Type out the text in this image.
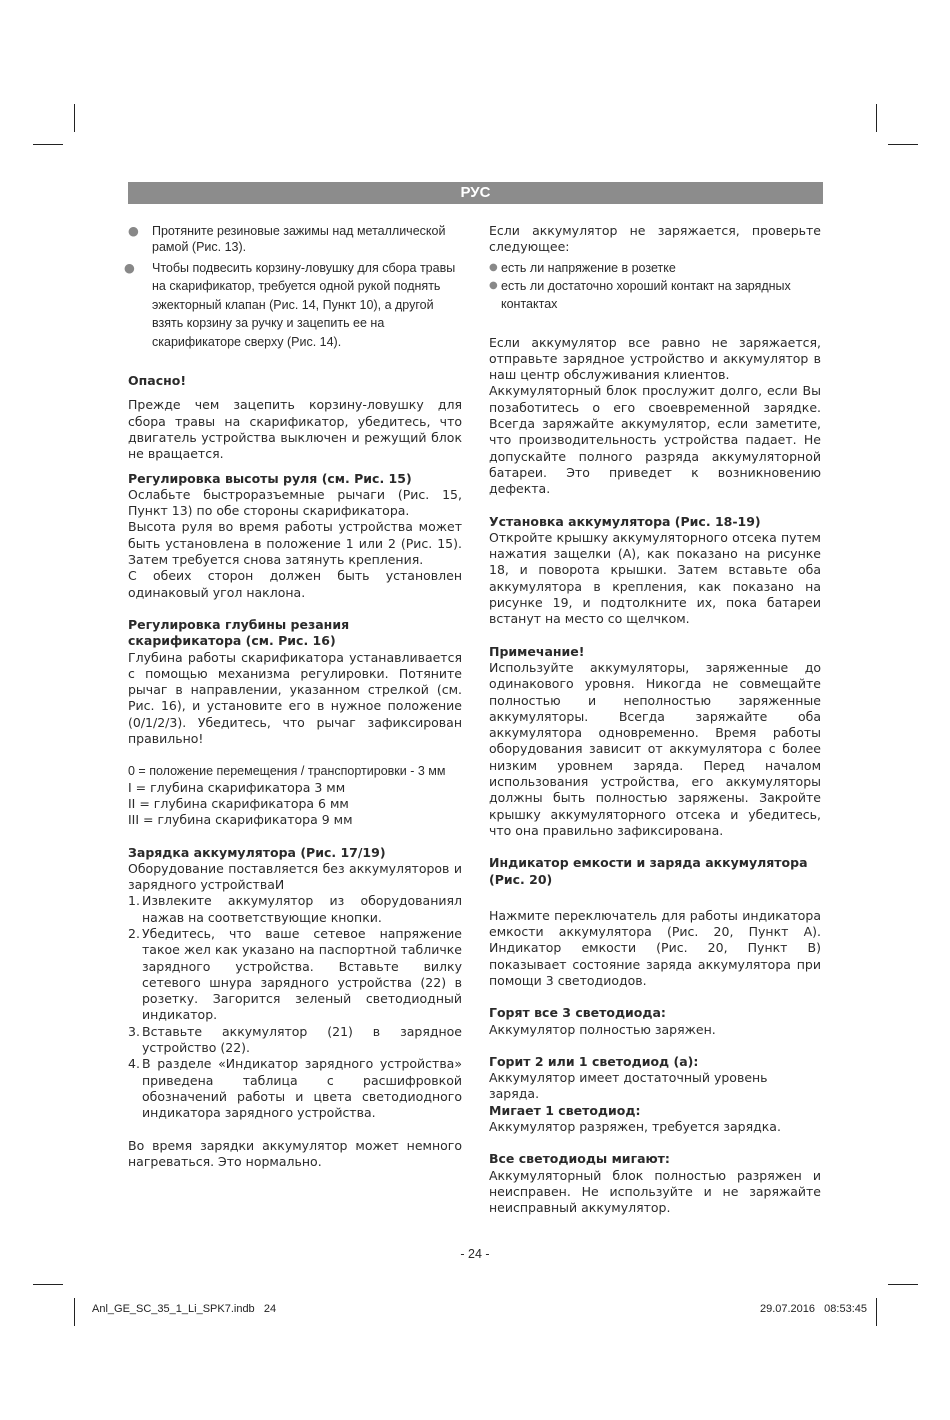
РУС
● Протяните резиновые зажимы над металлической рамой (Рис. 13).

● Чтобы подвесить корзину-ловушку для сбора травы на скарификатор, требуется одной рукой поднять эжекторный клапан (Рис. 14, Пункт 10), а другой взять корзину за ручку и зацепить ее на скарификаторе сверху (Рис. 14).

Опасно!

Прежде чем зацепить корзину-ловушку для сбора травы на скарификатор, убедитесь, что двигатель устройства выключен и режущий блок не вращается.

Регулировка высоты руля (см. Рис. 15)

Ослабьте быстроразъемные рычаги (Рис. 15, Пункт 13) по обе стороны скарификатора.

Высота руля во время работы устройства может быть установлена в положение 1 или 2 (Рис. 15). Затем требуется снова затянуть крепления.

С обеих сторон должен быть установлен одинаковый угол наклона.

Регулировка глубины резания скарификатора (см. Рис. 16)

Глубина работы скарификатора устанавливается с помощью механизма регулировки. Потяните рычаг в направлении, указанном стрелкой (см. Рис. 16), и установите его в нужное положение (0/1/2/3). Убедитесь, что рычаг зафиксирован правильно!

0 = положение перемещения / транспортировки - 3 мм

I = глубина скарификатора 3 мм

II = глубина скарификатора 6 мм

III = глубина скарификатора 9 мм

Зарядка аккумулятора (Рис. 17/19)

Оборудование поставляется без аккумуляторов и зарядного устройстваИ

1. Извлеките аккумулятор из оборудованиял нажав на соответствующие кнопки.

2. Убедитесь, что ваше сетевое напряжение такое жел как указано на паспортной табличке зарядного устройства. Вставьте вилку сетевого шнура зарядного устройства (22) в розетку. Загорится зеленый светодиодный индикатор.

3. Вставьте аккумулятор (21) в зарядное устройство (22).

4. В разделе «Индикатор зарядного устройства» приведена таблица с расшифровкой обозначений работы и цвета светодиодного индикатора зарядного устройства.

Во время зарядки аккумулятор может немного нагреваться. Это нормально.

Если аккумулятор не заряжается, проверьте следующее:

● есть ли напряжение в розетке

● есть ли достаточно хороший контакт на зарядных контактах

Если аккумулятор все равно не заряжается, отправьте зарядное устройство и аккумулятор в наш центр обслуживания клиентов.

Аккумуляторный блок прослужит долго, если Вы позаботитесь о его своевременной зарядке. Всегда заряжайте аккумулятор, если заметите, что производительность устройства падает. Не допускайте полного разряда аккумуляторной батареи. Это приведет к возникновению дефекта.

Установка аккумулятора (Рис. 18-19)

Откройте крышку аккумуляторного отсека путем нажатия защелки (А), как показано на рисунке 18, и поворота крышки. Затем вставьте оба аккумулятора в крепления, как показано на рисунке 19, и подтолкните их, пока батареи встанут на место со щелчком.

Примечание!

Используйте аккумуляторы, заряженные до одинакового уровня. Никогда не совмещайте полностью и неполностью заряженные аккумуляторы. Всегда заряжайте оба аккумулятора одновременно. Время работы оборудования зависит от аккумулятора с более низким уровнем заряда. Перед началом использования устройства, его аккумуляторы должны быть полностью заряжены. Закройте крышку аккумуляторного отсека и убедитесь, что она правильно зафиксирована.

Индикатор емкости и заряда аккумулятора (Рис. 20)

Нажмите переключатель для работы индикатора емкости аккумулятора (Рис. 20, Пункт А). Индикатор емкости (Рис. 20, Пункт В) показывает состояние заряда аккумулятора при помощи 3 светодиодов.

Горят все 3 светодиода:

Аккумулятор полностью заряжен.

Горит 2 или 1 светодиод (а):

Аккумулятор имеет достаточный уровень заряда.

Мигает 1 светодиод:

Аккумулятор разряжен, требуется зарядка.

Все светодиоды мигают:

Аккумуляторный блок полностью разряжен и неисправен. Не используйте и не заряжайте неисправный аккумулятор.

- 24 -
Anl_GE_SC_35_1_Li_SPK7.indb   24	29.07.2016   08:53:45
